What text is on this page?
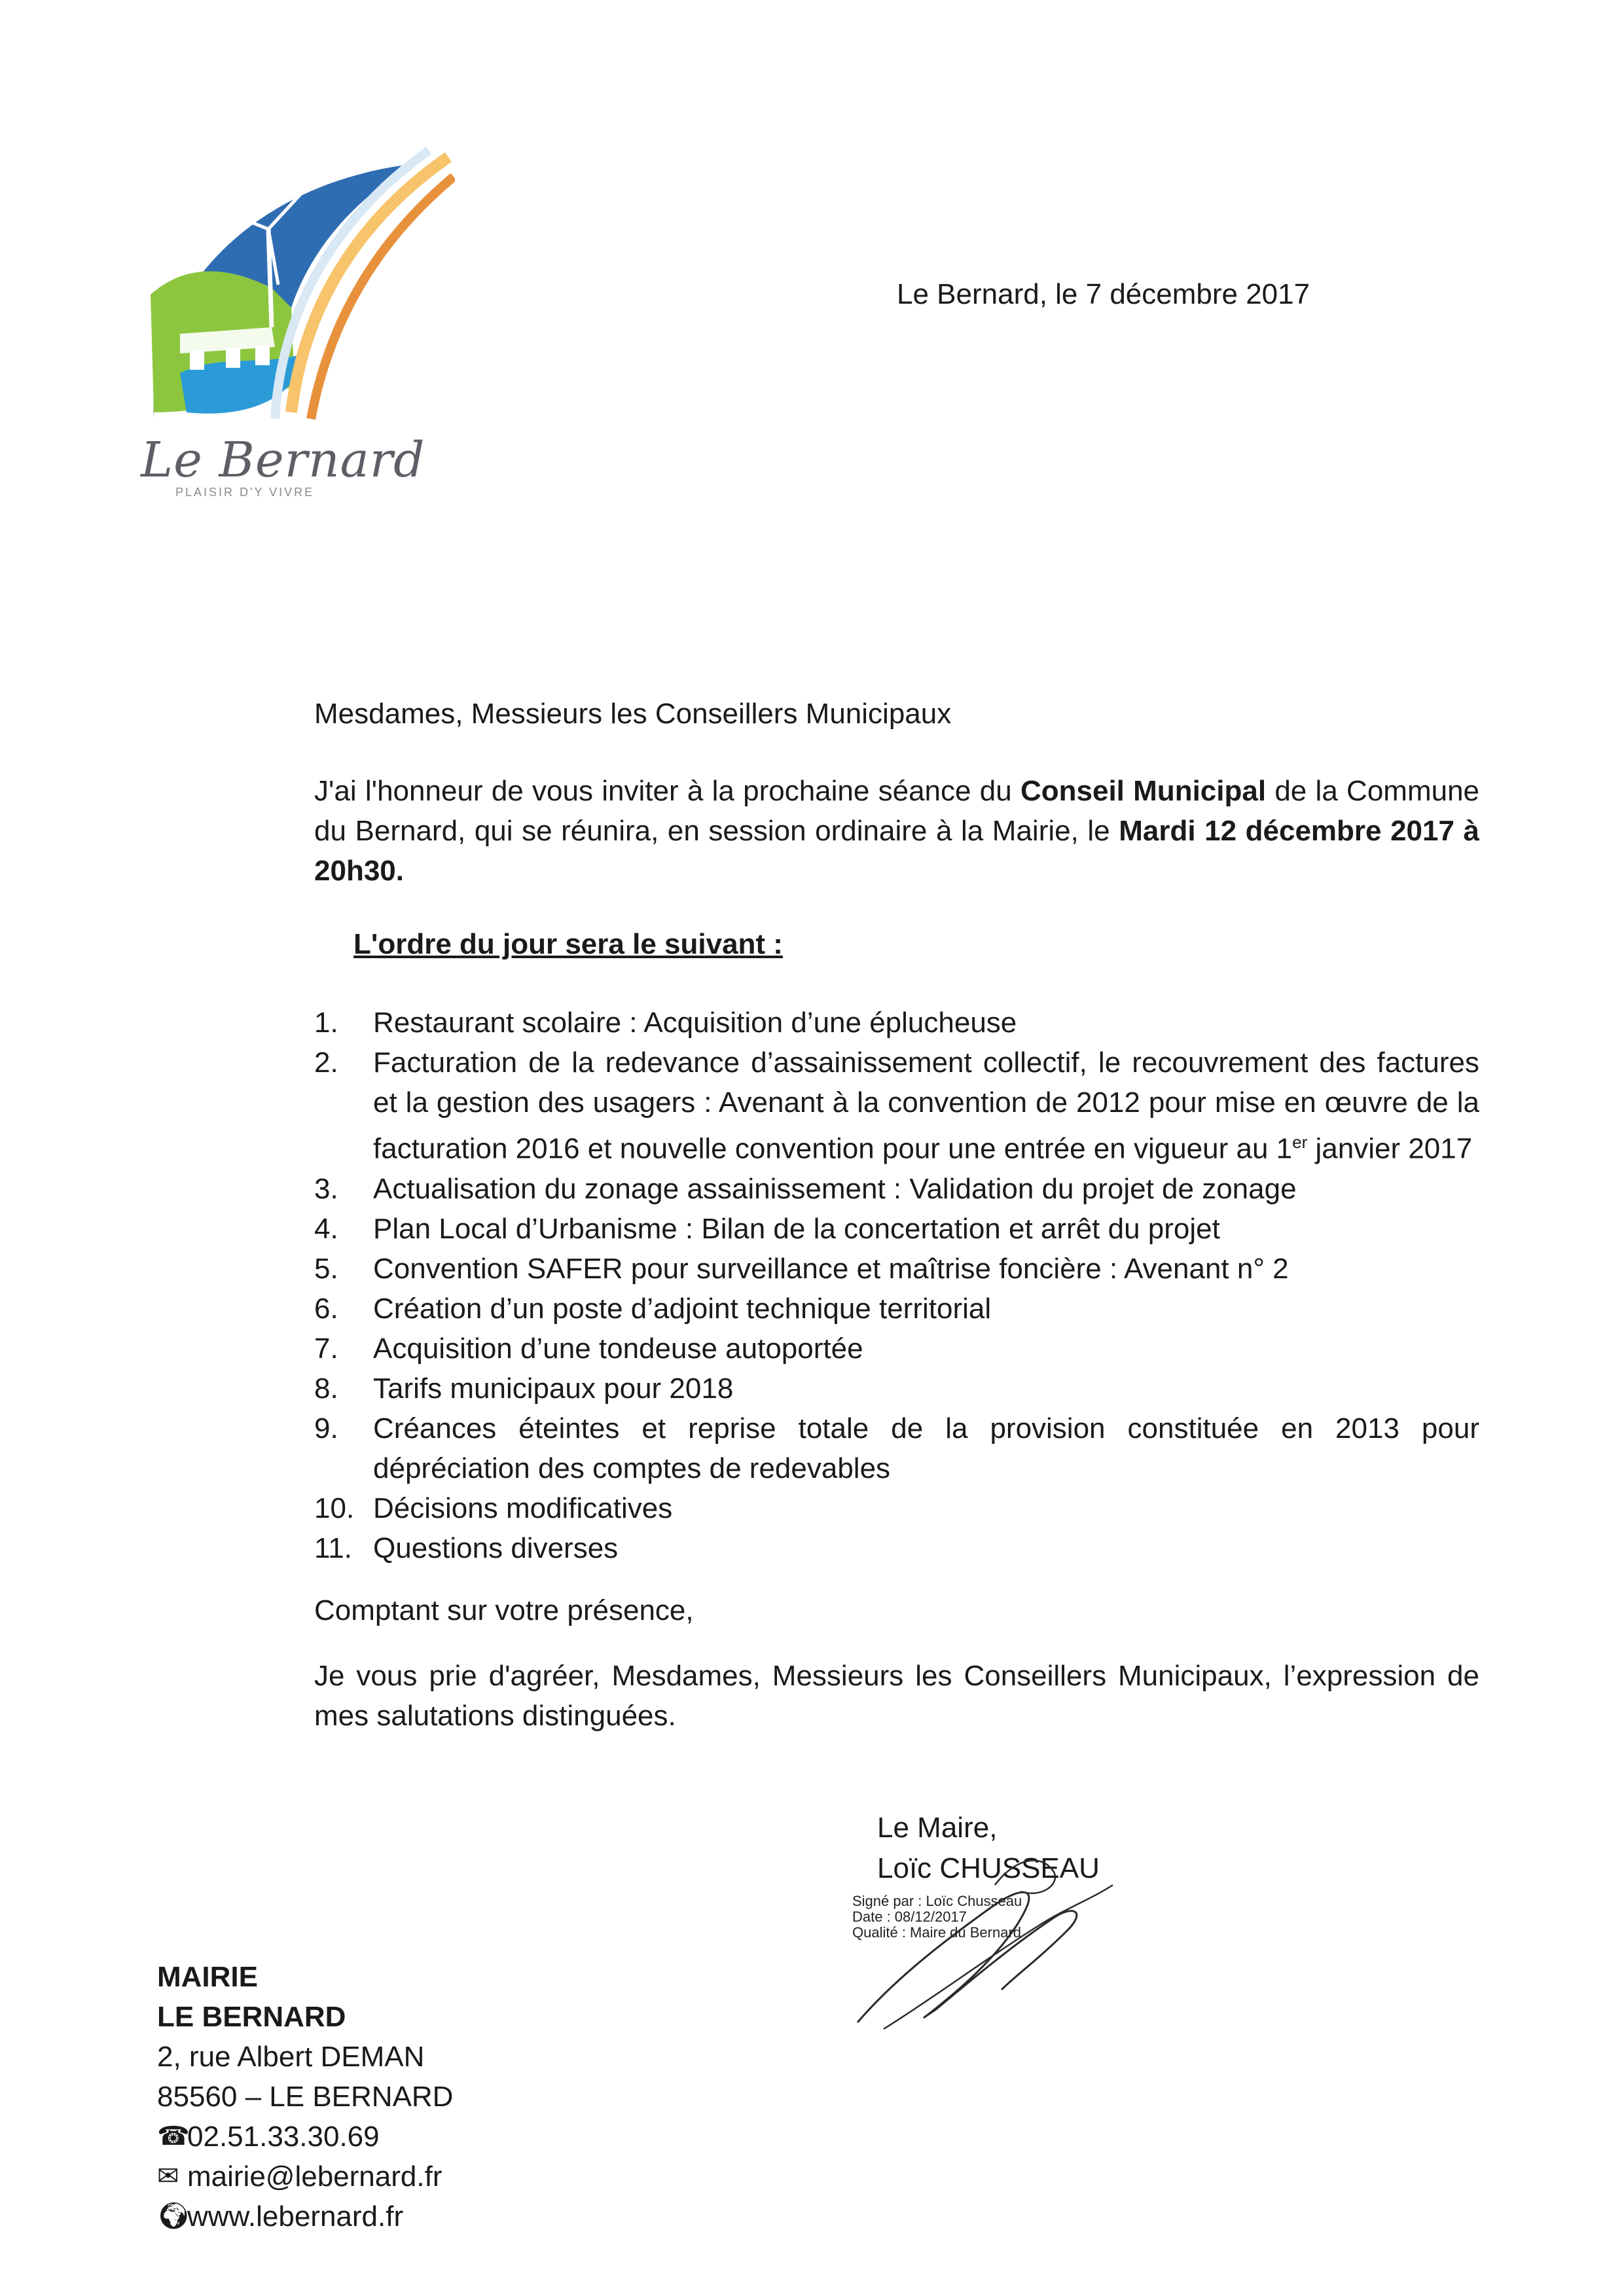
Le Bernard
PLAISIR D'Y VIVRE
Le Bernard, le 7 décembre 2017
Mesdames, Messieurs les Conseillers Municipaux
J'ai l'honneur de vous inviter à la prochaine séance du Conseil Municipal de la Commune du Bernard, qui se réunira, en session ordinaire à la Mairie, le Mardi 12 décembre 2017 à 20h30.
L'ordre du jour sera le suivant :
1. Restaurant scolaire : Acquisition d’une éplucheuse
2. Facturation de la redevance d’assainissement collectif, le recouvrement des factures et la gestion des usagers : Avenant à la convention de 2012 pour mise en œuvre de la facturation 2016 et nouvelle convention pour une entrée en vigueur au 1er janvier 2017
3. Actualisation du zonage assainissement : Validation du projet de zonage
4. Plan Local d’Urbanisme : Bilan de la concertation et arrêt du projet
5. Convention SAFER pour surveillance et maîtrise foncière : Avenant n° 2
6. Création d’un poste d’adjoint technique territorial
7. Acquisition d’une tondeuse autoportée
8. Tarifs municipaux pour 2018
9. Créances éteintes et reprise totale de la provision constituée en 2013 pour dépréciation des comptes de redevables
10. Décisions modificatives
11. Questions diverses
Comptant sur votre présence,
Je vous prie d'agréer, Mesdames, Messieurs les Conseillers Municipaux, l’expression de mes salutations distinguées.
Le Maire,
Loïc CHUSSEAU
Signé par : Loïc Chusseau
Date : 08/12/2017
Qualité : Maire du Bernard
MAIRIE
LE BERNARD
2, rue Albert DEMAN
85560 – LE BERNARD
☎
02.51.33.30.69
✉ mairie@lebernard.fr
🌍︎
www.lebernard.fr
